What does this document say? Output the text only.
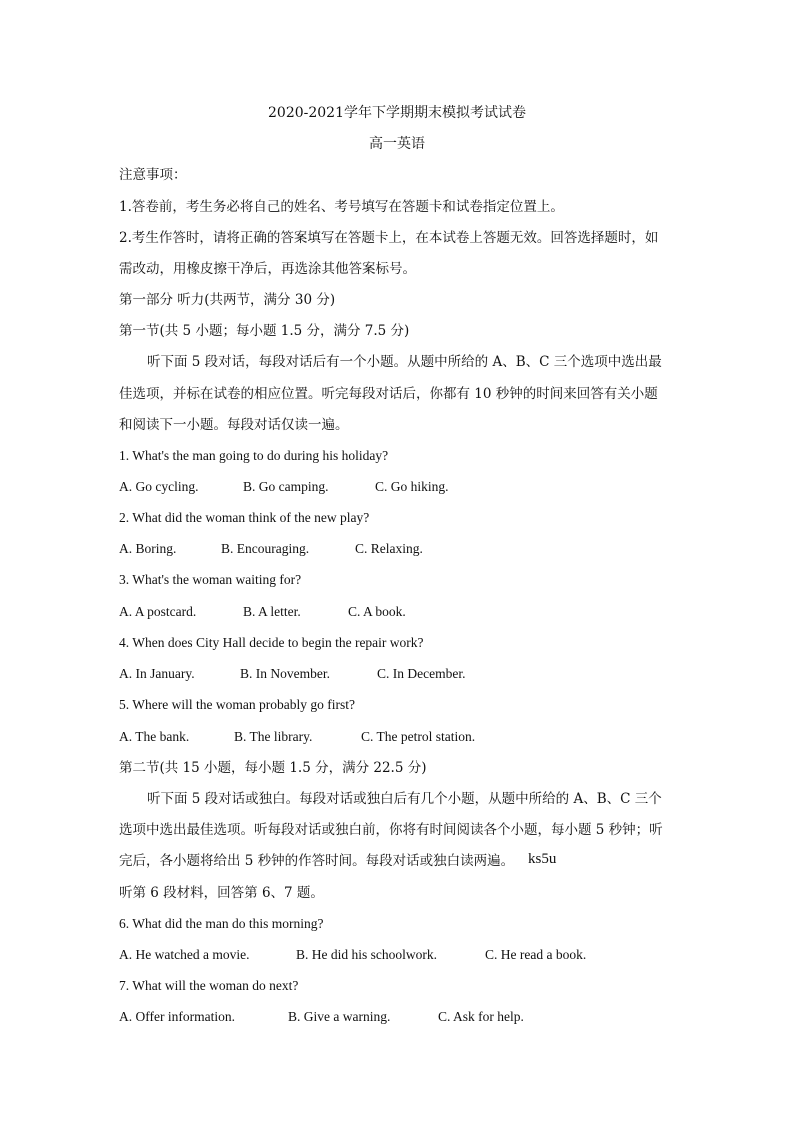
2020-2021学年下学期期末模拟考试试卷
高一英语
注意事项：
1.答卷前，考生务必将自己的姓名、考号填写在答题卡和试卷指定位置上。
2.考生作答时，请将正确的答案填写在答题卡上，在本试卷上答题无效。回答选择题时，如
需改动，用橡皮擦干净后，再选涂其他答案标号。
第一部分 听力(共两节，满分 30 分)
第一节(共 5 小题；每小题 1.5 分，满分 7.5 分)
听下面 5 段对话，每段对话后有一个小题。从题中所给的 A、B、C 三个选项中选出最
佳选项，并标在试卷的相应位置。听完每段对话后，你都有 10 秒钟的时间来回答有关小题
和阅读下一小题。每段对话仅读一遍。
1. What's the man going to do during his holiday?
A. Go cycling.	B. Go camping.	C. Go hiking.
2. What did the woman think of the new play?
A. Boring.	B. Encouraging.	C. Relaxing.
3. What's the woman waiting for?
A. A postcard.	B. A letter.	C. A book.
4. When does City Hall decide to begin the repair work?
A. In January.	B. In November.	C. In December.
5. Where will the woman probably go first?
A. The bank.	B. The library.	C. The petrol station.
第二节(共 15 小题，每小题 1.5 分，满分 22.5 分)
听下面 5 段对话或独白。每段对话或独白后有几个小题，从题中所给的 A、B、C 三个
选项中选出最佳选项。听每段对话或独白前，你将有时间阅读各个小题，每小题 5 秒钟；听
完后，各小题将给出 5 秒钟的作答时间。每段对话或独白读两遍。 ks5u
听第 6 段材料，回答第 6、7 题。
6. What did the man do this morning?
A. He watched a movie.	B. He did his schoolwork.	C. He read a book.
7. What will the woman do next?
A. Offer information.	B. Give a warning.	C. Ask for help.
